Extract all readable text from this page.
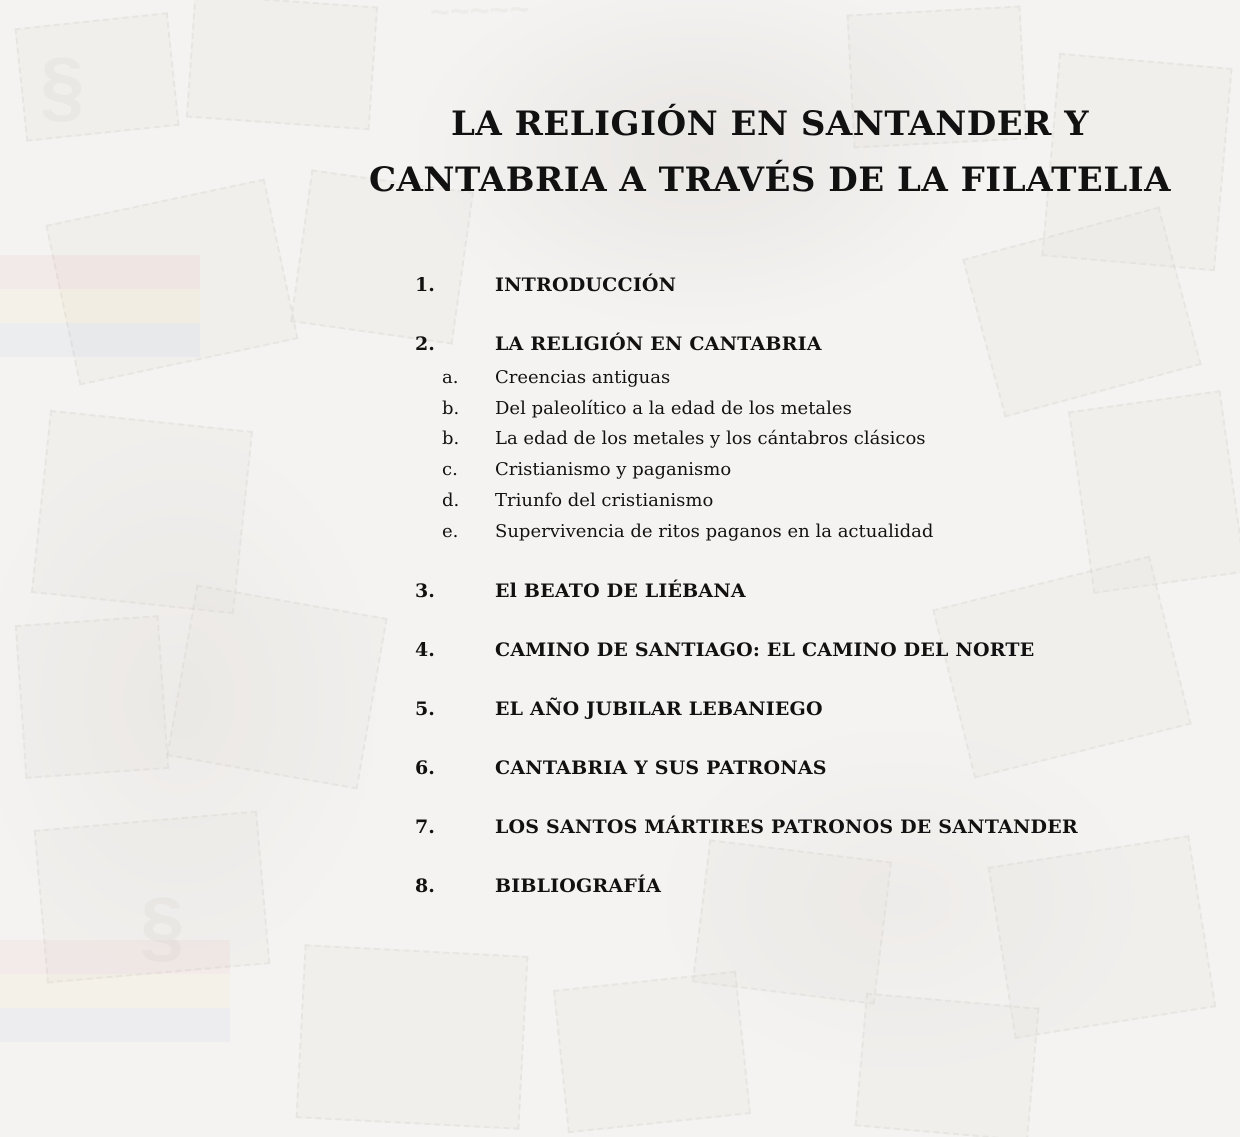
LA RELIGIÓN EN SANTANDER Y
CANTABRIA A TRAVÉS DE LA FILATELIA
1.	INTRODUCCIÓN
2.	LA RELIGIÓN EN CANTABRIA
a.	Creencias antiguas
b.	Del paleolítico a la edad de los metales
b.	La edad de los metales y los cántabros clásicos
c.	Cristianismo y paganismo
d.	Triunfo del cristianismo
e.	Supervivencia de ritos paganos en la actualidad
3.	El BEATO DE LIÉBANA
4.	CAMINO DE SANTIAGO: EL CAMINO DEL NORTE
5.	EL AÑO JUBILAR LEBANIEGO
6.	CANTABRIA Y SUS PATRONAS
7.	LOS SANTOS MÁRTIRES PATRONOS DE SANTANDER
8.	BIBLIOGRAFÍA
